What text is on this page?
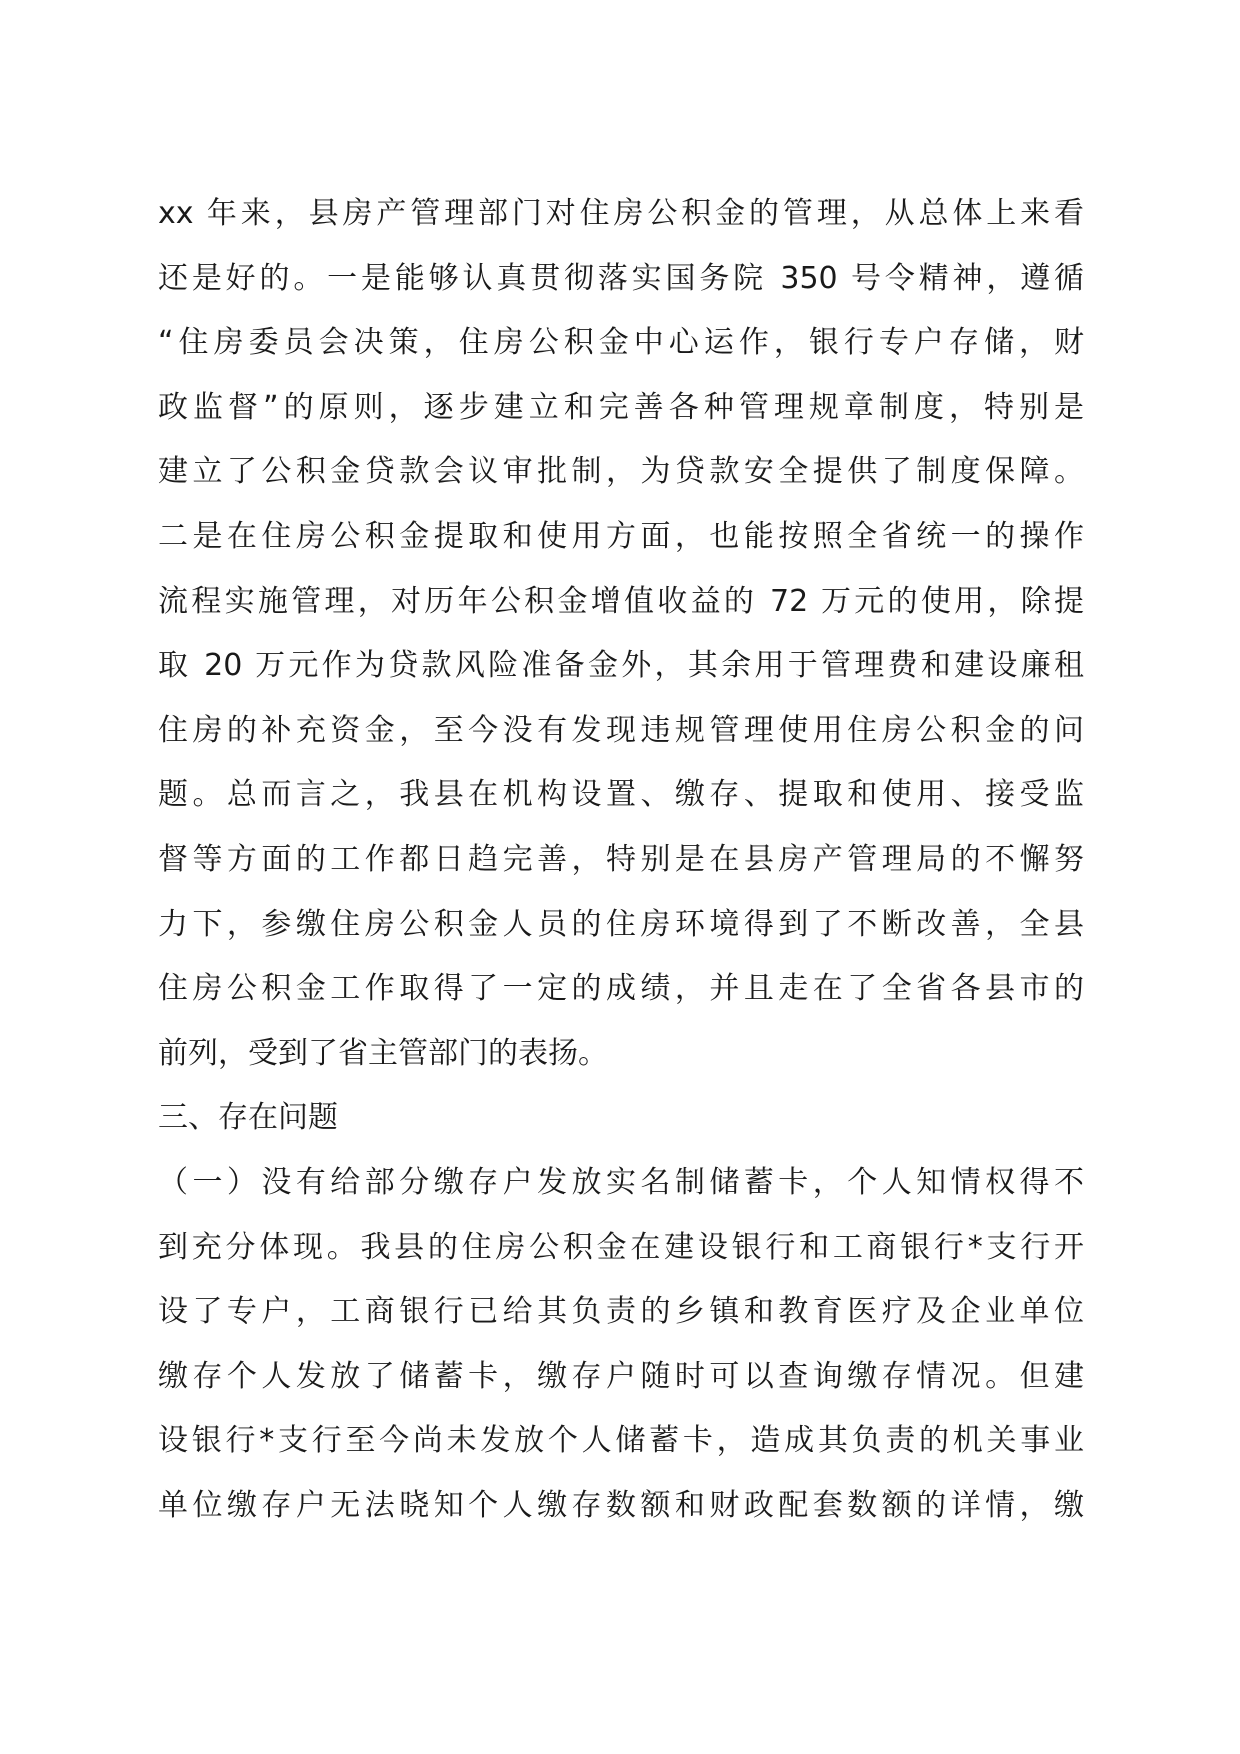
xx 年来，县房产管理部门对住房公积金的管理，从总体上来看
还是好的。一是能够认真贯彻落实国务院 350 号令精神，遵循
“住房委员会决策，住房公积金中心运作，银行专户存储，财
政监督”的原则，逐步建立和完善各种管理规章制度，特别是
建立了公积金贷款会议审批制，为贷款安全提供了制度保障。
二是在住房公积金提取和使用方面，也能按照全省统一的操作
流程实施管理，对历年公积金增值收益的 72 万元的使用，除提
取 20 万元作为贷款风险准备金外，其余用于管理费和建设廉租
住房的补充资金，至今没有发现违规管理使用住房公积金的问
题。总而言之，我县在机构设置、缴存、提取和使用、接受监
督等方面的工作都日趋完善，特别是在县房产管理局的不懈努
力下，参缴住房公积金人员的住房环境得到了不断改善，全县
住房公积金工作取得了一定的成绩，并且走在了全省各县市的
前列，受到了省主管部门的表扬。
三、存在问题
（一）没有给部分缴存户发放实名制储蓄卡，个人知情权得不
到充分体现。我县的住房公积金在建设银行和工商银行*支行开
设了专户，工商银行已给其负责的乡镇和教育医疗及企业单位
缴存个人发放了储蓄卡，缴存户随时可以查询缴存情况。但建
设银行*支行至今尚未发放个人储蓄卡，造成其负责的机关事业
单位缴存户无法晓知个人缴存数额和财政配套数额的详情，缴
